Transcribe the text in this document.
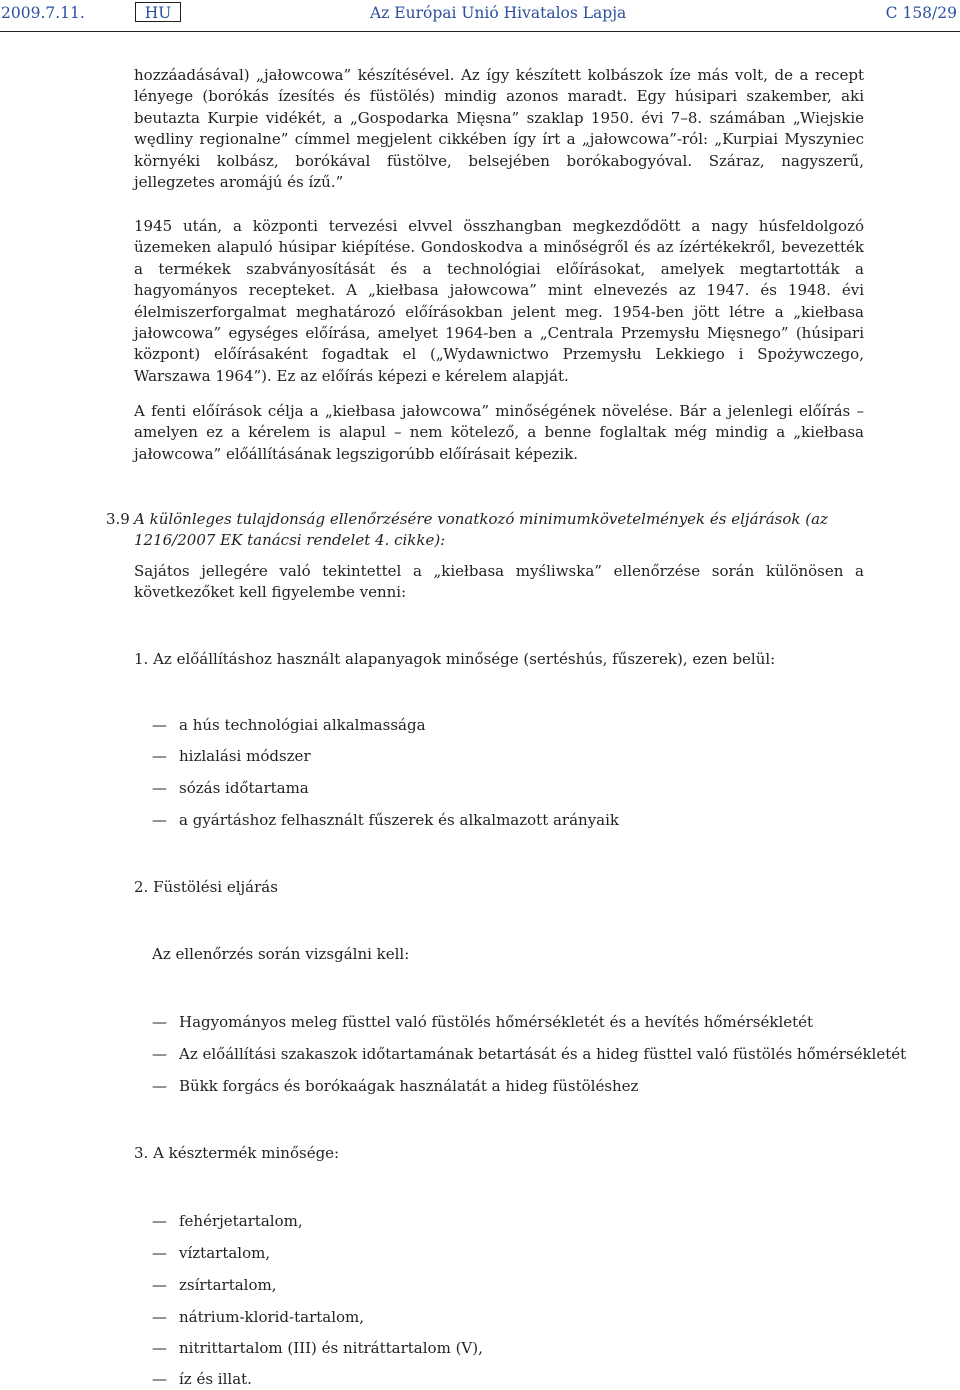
2009.7.11.	HU	Az Európai Unió Hivatalos Lapja	C 158/29

hozzáadásával) „jałowcowa” készítésével. Az így készített kolbászok íze más volt, de a recept lényege (borókás ízesítés és füstölés) mindig azonos maradt. Egy húsipari szakember, aki beutazta Kurpie vidékét, a „Gospodarka Mięsna” szaklap 1950. évi 7–8. számában „Wiejskie wędliny regionalne” címmel megjelent cikkében így írt a „jałowcowa”-ról: „Kurpiai Myszyniec környéki kolbász, borókával füstölve, belsejében borókabogyóval. Száraz, nagyszerű, jellegzetes aromájú és ízű.”

1945 után, a központi tervezési elvvel összhangban megkezdődött a nagy húsfeldolgozó üzemeken alapuló húsipar kiépítése. Gondoskodva a minőségről és az ízértékekről, bevezették a termékek szabványosítását és a technológiai előírásokat, amelyek megtartották a hagyományos recepteket. A „kiełbasa jałowcowa” mint elnevezés az 1947. és 1948. évi élelmiszerforgalmat meghatározó előírásokban jelent meg. 1954-ben jött létre a „kiełbasa jałowcowa” egységes előírása, amelyet 1964-ben a „Centrala Przemysłu Mięsnego” (húsipari központ) előírásaként fogadtak el („Wydawnictwo Przemysłu Lekkiego i Spożywczego, Warszawa 1964”). Ez az előírás képezi e kérelem alapját.

A fenti előírások célja a „kiełbasa jałowcowa” minőségének növelése. Bár a jelenlegi előírás – amelyen ez a kérelem is alapul – nem kötelező, a benne foglaltak még mindig a „kiełbasa jałowcowa” előállításának legszigorúbb előírásait képezik.

3.9 A különleges tulajdonság ellenőrzésére vonatkozó minimumkövetelmények és eljárások (az 1216/2007 EK tanácsi rendelet 4. cikke):

Sajátos jellegére való tekintettel a „kiełbasa myśliwska” ellenőrzése során különösen a következőket kell figyelembe venni:

1. Az előállításhoz használt alapanyagok minősége (sertéshús, fűszerek), ezen belül:

— a hús technológiai alkalmassága
— hizlalási módszer
— sózás időtartama
— a gyártáshoz felhasznált fűszerek és alkalmazott arányaik

2. Füstölési eljárás

Az ellenőrzés során vizsgálni kell:

— Hagyományos meleg füsttel való füstölés hőmérsékletét és a hevítés hőmérsékletét
— Az előállítási szakaszok időtartamának betartását és a hideg füsttel való füstölés hőmérsékletét
— Bükk forgács és borókaágak használatát a hideg füstöléshez

3. A késztermék minősége:

— fehérjetartalom,
— víztartalom,
— zsírtartalom,
— nátrium-klorid-tartalom,
— nitrittartalom (III) és nitráttartalom (V),
— íz és illat.
